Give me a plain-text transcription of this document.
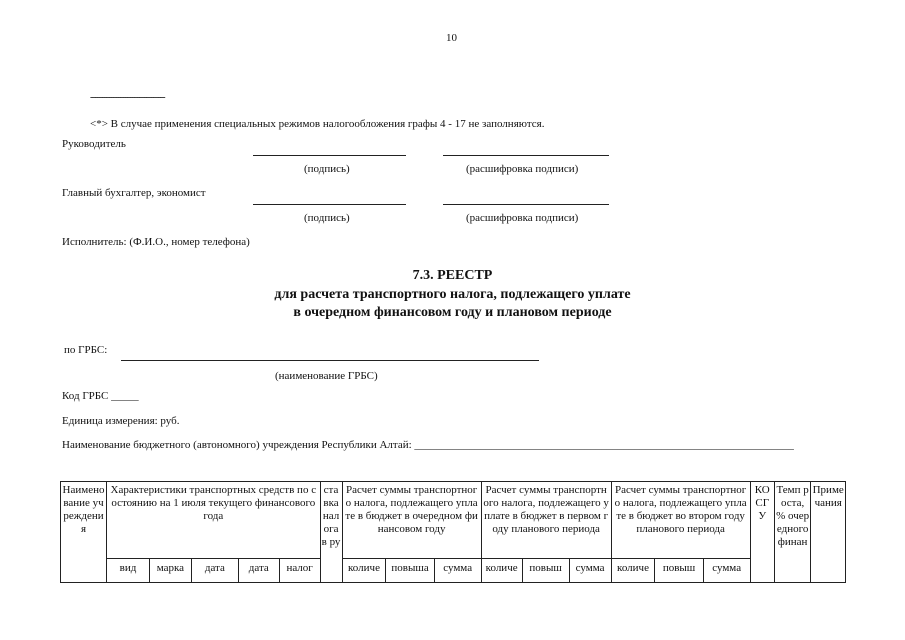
10
--------------------------------
<*> В случае применения специальных режимов налогообложения графы 4 - 17 не заполняются.
Руководитель
(подпись)	(расшифровка подписи)
Главный бухгалтер, экономист
(подпись)	(расшифровка подписи)
Исполнитель: (Ф.И.О., номер телефона)
7.3. РЕЕСТР
для расчета транспортного налога, подлежащего уплате
в очередном финансовом году и плановом периоде
по ГРБС:
(наименование ГРБС)
Код ГРБС _____
Единица измерения: руб.
Наименование бюджетного (автономного) учреждения Республики Алтай: _____________________________________________________________________
Наименование учреждения	Характеристики транспортных средств по состоянию на 1 июля текущего финансового года					ставка налога в ру	Расчет суммы транспортного налога, подлежащего уплате в бюджет в очередном финансовом году			Расчет суммы транспортного налога, подлежащего уплате в бюджет в первом году планового периода			Расчет суммы транспортного налога, подлежащего уплате в бюджет во втором году планового периода			КОСГУ	Темп роста, % очередного финан	Примечания
	вид	марка	дата	дата	налог		количе	повыша	сумма	количе	повыш	сумма	количе	повыш	сумма			
